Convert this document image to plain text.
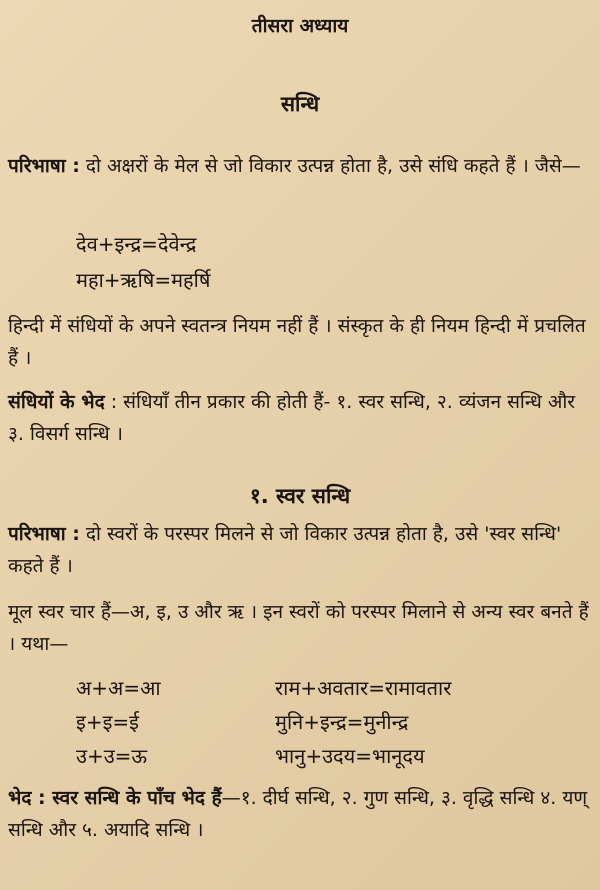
तीसरा अध्याय
सन्धि

परिभाषा : दो अक्षरों के मेल से जो विकार उत्पन्न होता है, उसे संधि कहते हैं । जैसे—

देव+इन्द्र=देवेन्द्र
महा+ऋषि=महर्षि

हिन्दी में संधियों के अपने स्वतन्त्र नियम नहीं हैं । संस्कृत के ही नियम हिन्दी में प्रचलित हैं ।

संधियों के भेद : संधियाँ तीन प्रकार की होती हैं- १. स्वर सन्धि, २. व्यंजन सन्धि और ३. विसर्ग सन्धि ।

१. स्वर सन्धि

परिभाषा : दो स्वरों के परस्पर मिलने से जो विकार उत्पन्न होता है, उसे 'स्वर सन्धि' कहते हैं ।

मूल स्वर चार हैं—अ, इ, उ और ऋ । इन स्वरों को परस्पर मिलाने से अन्य स्वर बनते हैं । यथा—

अ+अ=आ
इ+इ=ई
उ+उ=ऊ
राम+अवतार=रामावतार
मुनि+इन्द्र=मुनीन्द्र
भानु+उदय=भानूदय

भेद : स्वर सन्धि के पाँच भेद हैं—१. दीर्घ सन्धि, २. गुण सन्धि, ३. वृद्धि सन्धि ४. यण् सन्धि और ५. अयादि सन्धि ।
